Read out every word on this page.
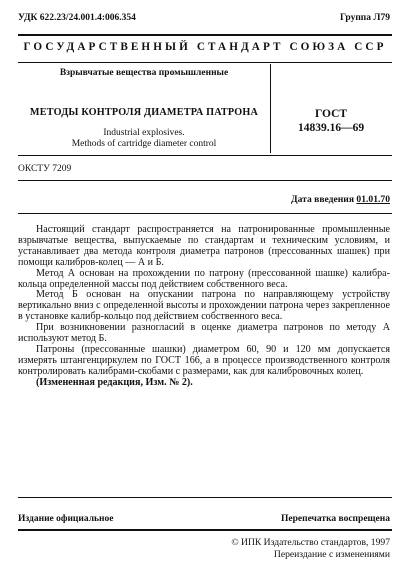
УДК 622.23/24.001.4:006.354	Группа Л79
ГОСУДАРСТВЕННЫЙ СТАНДАРТ СОЮЗА ССР
Взрывчатые вещества промышленные
МЕТОДЫ КОНТРОЛЯ ДИАМЕТРА ПАТРОНА
Industrial explosives.
Methods of cartridge diameter control
ГОСТ
14839.16—69
ОКСТУ 7209
Дата введения 01.01.70

Настоящий стандарт распространяется на патронированные промышленные взрывчатые вещества, выпускаемые по стандартам и техническим условиям, и устанавливает два метода контроля диаметра патронов (прессованных шашек) при помощи калибров-колец — А и Б.

Метод А основан на прохождении по патрону (прессованной шашке) калибра-кольца определенной массы под действием собственного веса.

Метод Б основан на опускании патрона по направляющему устройству вертикально вниз с определенной высоты и прохождении патрона через закрепленное в установке калибр-кольцо под действием собственного веса.

При возникновении разногласий в оценке диаметра патронов по методу А используют метод Б.

Патроны (прессованные шашки) диаметром 60, 90 и 120 мм допускается измерять штангенциркулем по ГОСТ 166, а в процессе производственного контроля контролировать калибрами-скобами с размерами, как для калибровочных колец.

(Измененная редакция, Изм. № 2).

Издание официальное	Перепечатка воспрещена
© ИПК Издательство стандартов, 1997
Переиздание с изменениями
